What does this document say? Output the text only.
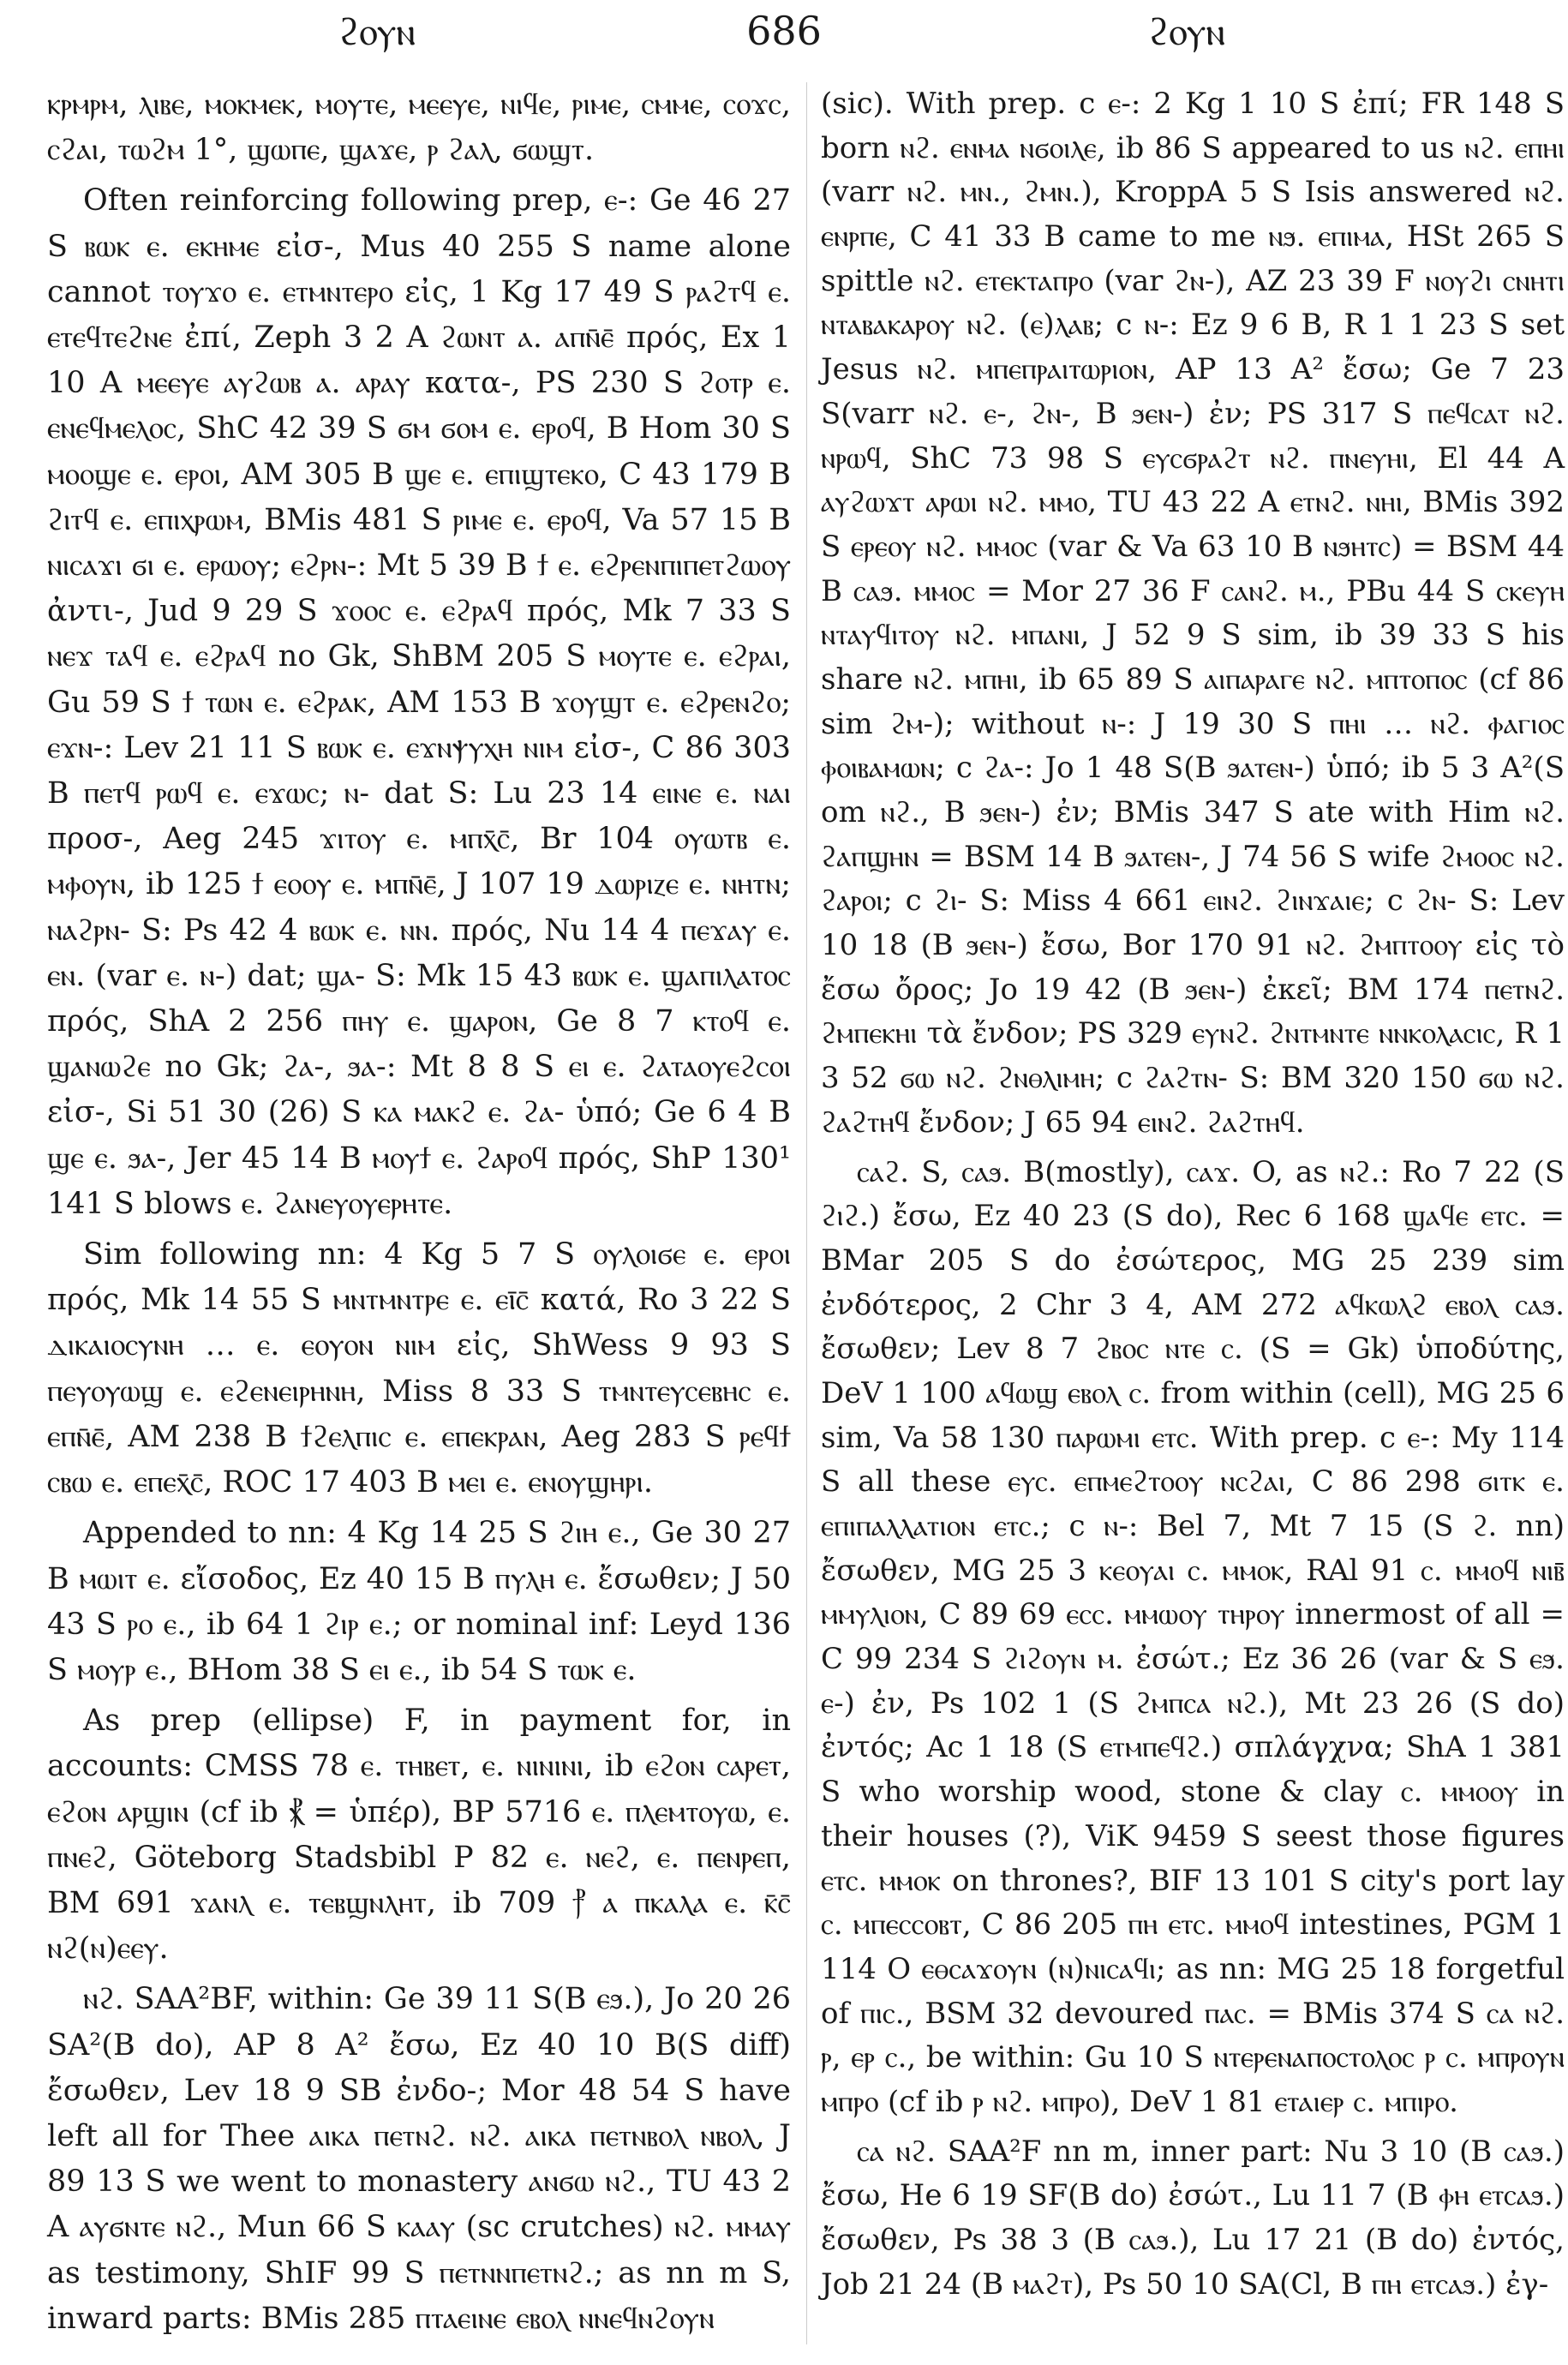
ϩⲟⲩⲛ	686	ϩⲟⲩⲛ

ⲕⲣⲙⲣⲙ, ⲗⲓⲃⲉ, ⲙⲟⲕⲙⲉⲕ, ⲙⲟⲩⲧⲉ, ⲙⲉⲉⲩⲉ, ⲛⲓϥⲉ, ⲣⲓⲙⲉ, ⲥⲙⲙⲉ, ⲥⲟϫⲥ, ⲥϩⲁⲓ, ⲧⲱϩⲙ 1°, ϣⲱⲡⲉ, ϣⲁϫⲉ, ⲣ ϩⲁⲗ, ϭⲱϣⲧ.

Often reinforcing following prep, ⲉ-: Ge 46 27 S ⲃⲱⲕ ⲉ. ⲉⲕⲏⲙⲉ εἰσ-, Mus 40 255 S name alone cannot ⲧⲟⲩϫⲟ ⲉ. ⲉⲧⲙⲛⲧⲉⲣⲟ εἰς, 1 Kg 17 49 S ⲣⲁϩⲧϥ ⲉ. ⲉⲧⲉϥⲧⲉϩⲛⲉ ἐπί, Zeph 3 2 A ϩⲱⲛⲧ ⲁ. ⲁⲡⲛ̄ⲉ̄ πρός, Ex 1 10 A ⲙⲉⲉⲩⲉ ⲁⲩϩⲱⲃ ⲁ. ⲁⲣⲁⲩ κατα-, PS 230 S ϩⲟⲧⲣ ⲉ. ⲉⲛⲉϥⲙⲉⲗⲟⲥ, ShC 42 39 S ϭⲙ ϭⲟⲙ ⲉ. ⲉⲣⲟϥ, B Hom 30 S ⲙⲟⲟϣⲉ ⲉ. ⲉⲣⲟⲓ, AM 305 B ϣⲉ ⲉ. ⲉⲡⲓϣⲧⲉⲕⲟ, C 43 179 B ϩⲓⲧϥ ⲉ. ⲉⲡⲓⲭⲣⲱⲙ, BMis 481 S ⲣⲓⲙⲉ ⲉ. ⲉⲣⲟϥ, Va 57 15 B ⲛⲓⲥⲁϫⲓ ϭⲓ ⲉ. ⲉⲣⲱⲟⲩ; ⲉϩⲣⲛ-: Mt 5 39 B ϯ ⲉ. ⲉϩⲣⲉⲛⲡⲓⲡⲉⲧϩⲱⲟⲩ ἀντι-, Jud 9 29 S ϫⲟⲟⲥ ⲉ. ⲉϩⲣⲁϥ πρός, Mk 7 33 S ⲛⲉϫ ⲧⲁϥ ⲉ. ⲉϩⲣⲁϥ no Gk, ShBM 205 S ⲙⲟⲩⲧⲉ ⲉ. ⲉϩⲣⲁⲓ, Gu 59 S ϯ ⲧⲱⲛ ⲉ. ⲉϩⲣⲁⲕ, AM 153 B ϫⲟⲩϣⲧ ⲉ. ⲉϩⲣⲉⲛϩⲟ; ⲉϫⲛ-: Lev 21 11 S ⲃⲱⲕ ⲉ. ⲉϫⲛⲯⲩⲭⲏ ⲛⲓⲙ εἰσ-, C 86 303 B ⲡⲉⲧϥ ⲣⲱϥ ⲉ. ⲉϫⲱⲥ; ⲛ- dat S: Lu 23 14 ⲉⲓⲛⲉ ⲉ. ⲛⲁⲓ προσ-, Aeg 245 ϫⲓⲧⲟⲩ ⲉ. ⲙⲡⲭ̄ⲥ̄, Br 104 ⲟⲩⲱⲧⲃ ⲉ. ⲙⲫⲟⲩⲛ, ib 125 ϯ ⲉⲟⲟⲩ ⲉ. ⲙⲡⲛ̄ⲉ̄, J 107 19 ⲇⲱⲣⲓⲍⲉ ⲉ. ⲛⲏⲧⲛ; ⲛⲁϩⲣⲛ- S: Ps 42 4 ⲃⲱⲕ ⲉ. ⲛⲛ. πρός, Nu 14 4 ⲡⲉϫⲁⲩ ⲉ. ⲉⲛ. (var ⲉ. ⲛ-) dat; ϣⲁ- S: Mk 15 43 ⲃⲱⲕ ⲉ. ϣⲁⲡⲓⲗⲁⲧⲟⲥ πρός, ShA 2 256 ⲡⲏⲩ ⲉ. ϣⲁⲣⲟⲛ, Ge 8 7 ⲕⲧⲟϥ ⲉ. ϣⲁⲛⲱϩⲉ no Gk; ϩⲁ-, ϧⲁ-: Mt 8 8 S ⲉⲓ ⲉ. ϩⲁⲧⲁⲟⲩⲉϩⲥⲟⲓ εἰσ-, Si 51 30 (26) S ⲕⲁ ⲙⲁⲕϩ ⲉ. ϩⲁ- ὑπό; Ge 6 4 B ϣⲉ ⲉ. ϧⲁ-, Jer 45 14 B ⲙⲟⲩϯ ⲉ. ϩⲁⲣⲟϥ πρός, ShP 130¹ 141 S blows ⲉ. ϩⲁⲛⲉⲩⲟⲩⲉⲣⲏⲧⲉ.

Sim following nn: 4 Kg 5 7 S ⲟⲩⲗⲟⲓϭⲉ ⲉ. ⲉⲣⲟⲓ πρός, Mk 14 55 S ⲙⲛⲧⲙⲛⲧⲣⲉ ⲉ. ⲉⲓ̄ⲥ̄ κατά, Ro 3 22 S ⲇⲓⲕⲁⲓⲟⲥⲩⲛⲏ … ⲉ. ⲉⲟⲩⲟⲛ ⲛⲓⲙ εἰς, ShWess 9 93 S ⲡⲉⲩⲟⲩⲱϣ ⲉ. ⲉϩⲉⲛⲉⲓⲣⲏⲛⲏ, Miss 8 33 S ⲧⲙⲛⲧⲉⲩⲥⲉⲃⲏⲥ ⲉ. ⲉⲡⲛ̄ⲉ̄, AM 238 B ϯϩⲉⲗⲡⲓⲥ ⲉ. ⲉⲡⲉⲕⲣⲁⲛ, Aeg 283 S ⲣⲉϥϯ ⲥⲃⲱ ⲉ. ⲉⲡⲉⲭ̄ⲥ̄, ROC 17 403 B ⲙⲉⲓ ⲉ. ⲉⲛⲟⲩϣⲏⲣⲓ.

Appended to nn: 4 Kg 14 25 S ϩⲓⲏ ⲉ., Ge 30 27 B ⲙⲱⲓⲧ ⲉ. εἴσοδος, Ez 40 15 B ⲡⲩⲗⲏ ⲉ. ἔσωθεν; J 50 43 S ⲣⲟ ⲉ., ib 64 1 ϩⲓⲣ ⲉ.; or nominal inf: Leyd 136 S ⲙⲟⲩⲣ ⲉ., BHom 38 S ⲉⲓ ⲉ., ib 54 S ⲧⲱⲕ ⲉ.

As prep (ellipse) F, in payment for, in accounts: CMSS 78 ⲉ. ⲧⲏⲃⲉⲧ, ⲉ. ⲛⲓⲛⲓⲛⲓ, ib ⲉϩⲟⲛ ⲥⲁⲣⲉⲧ, ⲉϩⲟⲛ ⲁⲣϣⲓⲛ (cf ib ⳩ = ὑπέρ), BP 5716 ⲉ. ⲡⲗⲉⲙⲧⲟⲩⲱ, ⲉ. ⲡⲛⲉϩ, Göteborg Stadsbibl P 82 ⲉ. ⲛⲉϩ, ⲉ. ⲡⲉⲛⲣⲉⲡ, BM 691 ϫⲁⲛⲗ ⲉ. ⲧⲉⲃϣⲛⲗⲏⲧ, ib 709 ⳨ ⲁ ⲡⲕⲁⲗⲁ ⲉ. ⲕ̄ⲥ̄ ⲛϩ(ⲛ)ⲉⲉⲩ.

ⲛϩ. SAA²BF, within: Ge 39 11 S(B ⲉϧ.), Jo 20 26 SA²(B do), AP 8 A² ἔσω, Ez 40 10 B(S diff) ἔσωθεν, Lev 18 9 SB ἐνδο-; Mor 48 54 S have left all for Thee ⲁⲓⲕⲁ ⲡⲉⲧⲛϩ. ⲛϩ. ⲁⲓⲕⲁ ⲡⲉⲧⲛⲃⲟⲗ ⲛⲃⲟⲗ, J 89 13 S we went to monastery ⲁⲛϭⲱ ⲛϩ., TU 43 2 A ⲁⲩϭⲛⲧⲉ ⲛϩ., Mun 66 S ⲕⲁⲁⲩ (sc crutches) ⲛϩ. ⲙⲙⲁⲩ as testimony, ShIF 99 S ⲡⲉⲧⲛⲛⲡⲉⲧⲛϩ.; as nn m S, inward parts: BMis 285 ⲡⲧⲁⲉⲓⲛⲉ ⲉⲃⲟⲗ ⲛⲛⲉϥⲛϩⲟⲩⲛ

(sic). With prep. c ⲉ-: 2 Kg 1 10 S ἐπί; FR 148 S born ⲛϩ. ⲉⲛⲙⲁ ⲛϭⲟⲓⲗⲉ, ib 86 S appeared to us ⲛϩ. ⲉⲡⲏⲓ (varr ⲛϩ. ⲙⲛ., ϩⲙⲛ.), KroppA 5 S Isis answered ⲛϩ. ⲉⲛⲣⲡⲉ, C 41 33 B came to me ⲛϧ. ⲉⲡⲓⲙⲁ, HSt 265 S spittle ⲛϩ. ⲉⲧⲉⲕⲧⲁⲡⲣⲟ (var ϩⲛ-), AZ 23 39 F ⲛⲟⲩϩⲓ ⲥⲛⲏⲧⲓ ⲛⲧⲁⲃⲁⲕⲁⲣⲟⲩ ⲛϩ. (ⲉ)ⲗⲁⲃ; c ⲛ-: Ez 9 6 B, R 1 1 23 S set Jesus ⲛϩ. ⲙⲡⲉⲡⲣⲁⲓⲧⲱⲣⲓⲟⲛ, AP 13 A² ἔσω; Ge 7 23 S(varr ⲛϩ. ⲉ-, ϩⲛ-, B ϧⲉⲛ-) ἐν; PS 317 S ⲡⲉϥⲥⲁⲧ ⲛϩ. ⲛⲣⲱϥ, ShC 73 98 S ⲉⲩⲥϭⲣⲁϩⲧ ⲛϩ. ⲡⲛⲉⲩⲏⲓ, El 44 A ⲁⲩϩⲱϫⲧ ⲁⲣⲱⲓ ⲛϩ. ⲙⲙⲟ, TU 43 22 A ⲉⲧⲛϩ. ⲛⲏⲓ, BMis 392 S ⲉⲣⲉⲟⲩ ⲛϩ. ⲙⲙⲟⲥ (var & Va 63 10 B ⲛϧⲏⲧⲥ) = BSM 44 B ⲥⲁϧ. ⲙⲙⲟⲥ = Mor 27 36 F ⲥⲁⲛϩ. ⲙ., PBu 44 S ⲥⲕⲉⲩⲏ ⲛⲧⲁⲩϥⲓⲧⲟⲩ ⲛϩ. ⲙⲡⲁⲛⲓ, J 52 9 S sim, ib 39 33 S his share ⲛϩ. ⲙⲡⲏⲓ, ib 65 89 S ⲁⲓⲡⲁⲣⲁⲅⲉ ⲛϩ. ⲙⲡⲧⲟⲡⲟⲥ (cf 86 sim ϩⲙ-); without ⲛ-: J 19 30 S ⲡⲏⲓ … ⲛϩ. ⲫⲁⲅⲓⲟⲥ ⲫⲟⲓⲃⲁⲙⲱⲛ; c ϩⲁ-: Jo 1 48 S(B ϧⲁⲧⲉⲛ-) ὑπό; ib 5 3 A²(S om ⲛϩ., B ϧⲉⲛ-) ἐν; BMis 347 S ate with Him ⲛϩ. ϩⲁⲡϣⲏⲛ = BSM 14 B ϧⲁⲧⲉⲛ-, J 74 56 S wife ϩⲙⲟⲟⲥ ⲛϩ. ϩⲁⲣⲟⲓ; c ϩⲓ- S: Miss 4 661 ⲉⲓⲛϩ. ϩⲓⲛϫⲁⲓⲉ; c ϩⲛ- S: Lev 10 18 (B ϧⲉⲛ-) ἔσω, Bor 170 91 ⲛϩ. ϩⲙⲡⲧⲟⲟⲩ εἰς τὸ ἔσω ὄρος; Jo 19 42 (B ϧⲉⲛ-) ἐκεῖ; BM 174 ⲡⲉⲧⲛϩ. ϩⲙⲡⲉⲕⲏⲓ τὰ ἔνδον; PS 329 ⲉⲩⲛϩ. ϩⲛⲧⲙⲛⲧⲉ ⲛⲛⲕⲟⲗⲁⲥⲓⲥ, R 1 3 52 ϭⲱ ⲛϩ. ϩⲛⲑⲗⲓⲙⲏ; c ϩⲁϩⲧⲛ- S: BM 320 150 ϭⲱ ⲛϩ. ϩⲁϩⲧⲏϥ ἔνδον; J 65 94 ⲉⲓⲛϩ. ϩⲁϩⲧⲏϥ.

ⲥⲁϩ. S, ⲥⲁϧ. B(mostly), ⲥⲁϫ. O, as ⲛϩ.: Ro 7 22 (S ϩⲓϩ.) ἔσω, Ez 40 23 (S do), Rec 6 168 ϣⲁϥⲉ ⲉⲧⲥ. = BMar 205 S do ἐσώτερος, MG 25 239 sim ἐνδότερος, 2 Chr 3 4, AM 272 ⲁϥⲕⲱⲗϩ ⲉⲃⲟⲗ ⲥⲁϧ. ἔσωθεν; Lev 8 7 ϩⲃⲟⲥ ⲛⲧⲉ ⲥ. (S = Gk) ὑποδύτης, DeV 1 100 ⲁϥⲱϣ ⲉⲃⲟⲗ ⲥ. from within (cell), MG 25 6 sim, Va 58 130 ⲡⲁⲣⲱⲙⲓ ⲉⲧⲥ. With prep. c ⲉ-: My 114 S all these ⲉⲩⲥ. ⲉⲡⲙⲉϩⲧⲟⲟⲩ ⲛⲥϩⲁⲓ, C 86 298 ϭⲓⲧⲕ ⲉ. ⲉⲡⲓⲡⲁⲗⲗⲁⲧⲓⲟⲛ ⲉⲧⲥ.; c ⲛ-: Bel 7, Mt 7 15 (S ϩ. nn) ἔσωθεν, MG 25 3 ⲕⲉⲟⲩⲁⲓ ⲥ. ⲙⲙⲟⲕ, RAl 91 ⲥ. ⲙⲙⲟϥ ⲛⲓⲃ̄ ⲙⲙⲩⲗⲓⲟⲛ, C 89 69 ⲉⲥⲥ. ⲙⲙⲱⲟⲩ ⲧⲏⲣⲟⲩ innermost of all = C 99 234 S ϩⲓϩⲟⲩⲛ ⲙ. ἐσώτ.; Ez 36 26 (var & S ⲉϧ. ⲉ-) ἐν, Ps 102 1 (S ϩⲙⲡⲥⲁ ⲛϩ.), Mt 23 26 (S do) ἐντός; Ac 1 18 (S ⲉⲧⲙⲡⲉϥϩ.) σπλάγχνα; ShA 1 381 S who worship wood, stone & clay ⲥ. ⲙⲙⲟⲟⲩ in their houses (?), ViK 9459 S seest those figures ⲉⲧⲥ. ⲙⲙⲟⲕ on thrones?, BIF 13 101 S city's port lay ⲥ. ⲙⲡⲉⲥⲥⲟⲃⲧ, C 86 205 ⲡⲏ ⲉⲧⲥ. ⲙⲙⲟϥ intestines, PGM 1 114 O ⲉⲑⲥⲁϫⲟⲩⲛ (ⲛ)ⲛⲓⲥⲁϥⲓ; as nn: MG 25 18 forgetful of ⲡⲓⲥ., BSM 32 devoured ⲡⲁⲥ. = BMis 374 S ⲥⲁ ⲛϩ. ⲣ, ⲉⲣ ⲥ., be within: Gu 10 S ⲛⲧⲉⲣⲉⲛⲁⲡⲟⲥⲧⲟⲗⲟⲥ ⲣ ⲥ. ⲙⲡⲣⲟⲩⲛ ⲙⲡⲣⲟ (cf ib ⲣ ⲛϩ. ⲙⲡⲣⲟ), DeV 1 81 ⲉⲧⲁⲓⲉⲣ ⲥ. ⲙⲡⲓⲣⲟ.

ⲥⲁ ⲛϩ. SAA²F nn m, inner part: Nu 3 10 (B ⲥⲁϧ.) ἔσω, He 6 19 SF(B do) ἐσώτ., Lu 11 7 (B ⲫⲏ ⲉⲧⲥⲁϧ.) ἔσωθεν, Ps 38 3 (B ⲥⲁϧ.), Lu 17 21 (B do) ἐντός, Job 21 24 (B ⲙⲁϩⲧ), Ps 50 10 SA(Cl, B ⲡⲏ ⲉⲧⲥⲁϧ.) ἐγ-
